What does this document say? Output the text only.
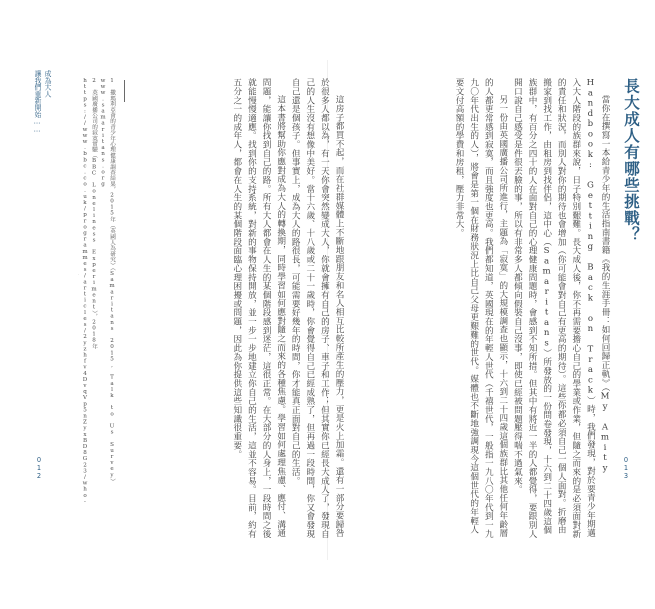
成為大人
讓我們重新開始……	1　撒瑪利亞會的青少年心理健康調查結果，2015年（英國人為研究）（Samaritans 2015, Talk to Us Survey）www.samaritans.org
2　英國廣播公司的寂寞實驗（BBC Loneliness Experiment），2018年 https://www.bbc.co.uk/programmes/articles/2yzhfv4DvqVp5nZyxBD8G23/who-	這房子都買不起，而在社群媒體上不斷地跟朋友和名人相互比較所產生的壓力，更是火上加霜。還有一部分要歸咎於很多人都以為，有一天你會突然變成大人，你就會擁有自己的房子、車子和工作；但其實你已經長大成人了，發現自己的人生沒有想像中美好。當十六歲、十八歲或二十一歲時，你會覺得自己已經成熟了，但再過一段時間，你又會發現自己還是個孩子。但事實上，成為大人的路很長，可能需要好幾年的時間，你才能真正面對自己的生活。

這本書將幫助你應對成為大人的轉換期，同時學習如何應對隨之而來的各種焦慮。學習如何處理焦慮、應付、溝通問題，能讓你找到自己的路。所有大人都會在人生的某個階段感到迷茫，這很正常。在大部分的人身上，一段時間之後就能慢慢適應。找到你的支持系統，對新的事物保持開放，並一步一步地建立你自己的生活，這並不容易。目前，約有五分之一的成年人，都會在人生的某個階段面臨心理困擾或問題，因此為你提供這些知識很重要。	長大成人有哪些挑戰？

當你在撰寫一本給青少年的生活指南書籍《我的生涯手冊：如何回歸正軌》（My Amity Handbook: Getting Back on Track）時，我們發現，對於要青少年期邁入大人階段的族群來說，日子特別艱難。長大成人後，你不再需要擔心自己的學業或作業，但隨之而來的是必須面對新的責任和狀況，而別人對你的期待也會增加（你可能會對自己有更高的期待）。這些你都必須自己一個人面對。折磨由搬家到找工作，由租房到找伴侶，這中心（Samaritans）所發放的一份問卷發現，十六到二十四歲這個族群中，有百分之四十的人在面對自己的心理健康問題時，會感到不知所措。但其中有將近一半的人都覺得，要跟別人開口說自己感受是件很丟臉的事，所以有非常多人都傾向假裝自己沒事，即使已經被問題壓得喘不過氣來。

另一份由英國廣播公司所進行，主題為「寂寞」的大規模調查也顯示，十六到二十四歲這個族群比其他任何年齡層的人都更常感到寂寞，而且強度也更高。我們都知道，英國現在的年輕人世代（千禧世代，一般指一九八〇年代到一九九〇年代出生的人），將會是第一個在財務狀況上比自己父母更艱難的世代。媒體也不斷地強調現今這個世代的年輕人要文付高額的學費和房租，壓力非常大。

012	013
